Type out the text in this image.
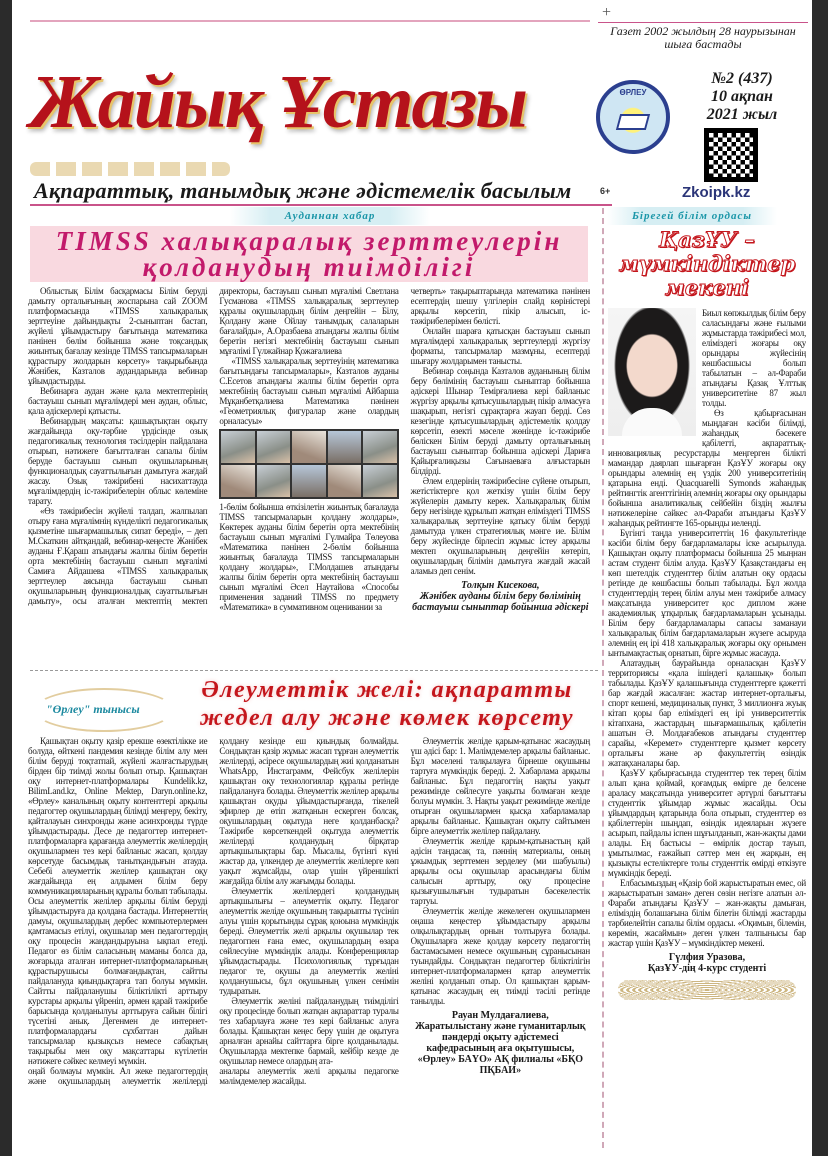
+
Жайық Ұстазы
Ақпараттық, танымдық және әдістемелік басылым
Газет 2002 жылдың 28 наурызынан шыға бастады
ӨРЛЕУ
№2 (437)
10 ақпан
2021 жыл
6+	Zkoipk.kz
Ауданнан хабар	Бірегей білім ордасы
TIMSS халықаралық зерттеулерін қолданудың тиімділігі

Облыстық Білім басқармасы Білім беруді дамыту орталығының жоспарына сай ZOOM платформасында «TIMSS халықаралық зерттеуіне дайындықты 2-сыныптан бастап, жүйелі ұйымдастыру бағытында математика пәнінен бөлім бойынша және тоқсандық жиынтық бағалау кезінде TIMSS тапсырмаларын құрастыру жолдарын көрсету» тақырыбында Жәнібек, Казталов аудандарында вебинар ұйымдастырды.

Вебинарға аудан және қала мектептерінің бастауыш сынып мұғалімдері мен аудан, облыс, қала әдіскерлері қатысты.

Вебинардың мақсаты: қашықтықтан оқыту жағдайында оқу-тәрбие үрдісінде озық педагогикалық технология тәсілдерін пайдалана отырып, нәтижеге бағытталған сапалы білім беруде бастауыш сынып оқушыларының функционалдық сауаттылығын дамытуға жағдай жасау. Озық тәжірибені насихаттауда мұғалімдердің іс-тәжірибелерін облыс көлеміне тарату.

«Өз тәжірибесін жүйелі талдап, жалпылап отыру ғана мұғалімнің күнделікті педагогикалық қызметіне шығармашылық сипат береді», – деп М.Скаткин айтқандай, вебинар-кеңесте Жәнібек ауданы Ғ.Қараш атындағы жалпы білім беретін орта мектебінің бастауыш сынып мұғалімі Самиға Айдашева «TIMSS халықаралық зерттеулер аясында бастауыш сынып оқушыларының функционалдық сауаттылығын дамыту», осы аталған мектептің мектеп директоры, бастауыш сынып мұғалімі Светлана Гусманова «TIMSS халықаралық зерттеулер құралы оқушылардың білім деңгейін – Білу, Қолдану және Ойлау танымдық салаларын бағалайды», А.Оразбаева атындағы жалпы білім беретін негізгі мектебінің бастауыш сынып мұғалімі Гүлжайнар Қожағалиева

«TIMSS халықаралық зерттеуінің математика бағытындағы тапсырмалары», Казталов ауданы С.Есетов атындағы жалпы білім беретін орта мектебінің бастауыш сынып мұғалімі Айбарша Мұқанбетқалиева Математика пәнінен «Геометриялық фигуралар және олардың орналасуы»

1-бөлім бойынша өткізілетін жиынтық бағалауда TIMSS тапсырмаларын қолдану жолдары», Көктерек ауданы білім беретін орта мектебінің бастауыш сынып мұғалімі Гүлмайра Төлеуова «Математика пәнінен 2-бөлім бойынша жиынтық бағалауда TIMSS тапсырмаларын қолдану жолдары», Г.Молдашев атындағы жалпы білім беретін орта мектебінің бастауыш сынып мұғалімі Әсел Наутайова «Способы применения заданий TIMSS по предмету «Математика» в суммативном оценивании за

четверть» тақырыптарында математика пәнінен есептердің шешу үлгілерін слайд көріністері арқылы көрсетіп, пікір алысып, іс-тәжірибелерімен бөлісті.

Онлайн шараға қатысқан бастауыш сынып мұғалімдері халықаралық зерттеулерді жүргізу форматы, тапсырмалар мазмұны, есептерді шығару жолдарымен танысты.

Вебинар соңында Казталов ауданының білім беру бөлімінің бастауыш сыныптар бойынша әдіскері Шынар Темірғалиева кері байланыс жүргізу арқылы қатысушылардың пікір алмасуға шақырып, негізгі сұрақтарға жауап берді. Сөз кезегінде қатысушылардың әдістемелік қолдау көрсетіп, өзекті мәселе жөнінде іс-тәжірибе бөліскен Білім беруді дамыту орталығының бастауыш сыныптар бойынша әдіскері Дариға Қайырғалиқызы Сағынаеваға алғыстарын білдірді.

Әлем елдерінің тәжірибесіне сүйене отырып, жетістіктерге қол жеткізу үшін білім беру жүйелерін дамыту керек. Халықаралық білім беру негізінде құрылып жатқан еліміздегі TIMSS халықаралық зерттеуіне қатысу білім беруді дамытуда үлкен стратегиялық мәнге ие. Білім беру жүйесінде бірлесіп жұмыс істеу арқылы мектеп оқушыларының деңгейін көтеріп, оқушылардың білімін дамытуға жағдай жасай аламыз деп сенім.

Толқын Кисекова,
Жәнібек ауданы білім беру бөлімінің бастауыш сыныптар бойынша әдіскері
"Өрлеу" тынысы
Әлеуметтік желі: ақпаратты жедел алу және көмек көрсету

Қашықтан оқыту қазір ерекше өзектілікке ие болуда, өйткені пандемия кезінде білім алу мен білім беруді тоқтатпай, жүйелі жалғастырудың бірден бір тиімді жолы болып отыр. Қашықтан оқу интернет-платформалары Kundelik.kz, BilimLand.kz, Online Mektep, Daryn.online.kz, «Өрлеу» каналының оқыту контенттері арқылы педагогтер оқушылардың білімді меңгеру, бекіту, қайталауын синхронды және асинхронды түрде ұйымдастырады. Десе де педагогтер интернет-платформаларға қарағанда әлеуметтік желілердің оқушылармен тез кері байланыс жасап, қолдау көрсетуде басымдық танытқандығын атауда. Себебі әлеуметтік желілер қашықтан оқу жағдайында ең алдымен білім беру коммуникацияларының құралы болып табылады. Осы әлеуметтік желілер арқылы білім беруді ұйымдастыруға да қолдана бастады. Интернеттің дамуы, оқушылардың дербес компьютерлермен қамтамасыз етілуі, оқушылар мен педагогтердің оқу процесін жандандыруына ықпал етеді. Педагог өз білім саласының маманы болса да, жоғарыда аталған интернет-платформаларының құрастырушысы болмағандықтан, сайтты пайдалануда қиындықтарға тап болуы мүмкін. Сайтты пайдаланушы біліктілікті арттыру курстары арқылы үйреніп, әрмен қарай тәжірибе барысында қолданылуы арттыруға сайын білігі түсетіні анық. Дегенмен де интернет-платформалардағы сұхбаттан дайын тапсырмалар қызықсыз немесе сабақтың тақырыбы мен оқу мақсаттары күтілетін нәтижеге сәйкес келмеуі мүмкін.

оңай болмауы мүмкін. Ал жеке педагогтердің және оқушылардың әлеуметтік желілерді қолдану кезінде еш қиындық болмайды. Сондықтан қазір жұмыс жасап тұрған әлеуметтік желілерді, әсіресе оқушылардың жиі қолданатын WhatsApp, Инстаграмм, Фейсбук желілерін қашықтан оқу технологиялар құралы ретінде пайдалануға болады. Әлеуметтік желілер арқылы қашықтан оқуды ұйымдастырғанда, тікелей эфирлер де өтіп жатқанын ескерген болсақ, оқушылардың оқытуда неге қолданбасқа? Тәжірибе көрсеткендей оқытуда әлеуметтік желілерді қолданудың бірқатар артықшылықтары бар. Мысалы, бүгінгі күні жастар да, үлкендер де әлеуметтік желілерге көп уақыт жұмсайды, олар үшін үйреншікті жағдайда білім алу жағымды болады.

Әлеуметтік желілердегі қолданудың артықшылығы – әлеуметтік оқыту. Педагог әлеуметтік желіде оқушының тақырыпты түсініп алуы үшін қорытынды сұрақ қоюына мүмкіндік береді. Әлеуметтік желі арқылы оқушылар тек педагогпен ғана емес, оқушылардың өзара сөйлесуіне мүмкіндік алады. Конференциялар ұйымдастырады. Психологиялық тұрғыдан педагог те, оқушы да әлеуметтік желіні қолданушысы, бұл оқушының үлкен сенімін тудыратын.

Әлеуметтік желіні пайдаланудың тиімділігі оқу процесінде болып жатқан ақпараттар туралы тез хабарлауға және тез кері байланыс алуға болады. Қашықтан кеңес беру үшін де оқытуға арналған арнайы сайттарға бірге қолданылады. Оқушыларда мектепке бармай, кейбір кезде де оқушылар немесе олардың ата-

аналары әлеуметтік желі арқылы педагогке мәлімдемелер жасайды.

Әлеуметтік желіде қарым-қатынас жасаудың үш әдісі бар: 1. Мәлімдемелер арқылы байланыс. Бұл мәселені талқылауға бірнеше оқушыны тартуға мүмкіндік береді. 2. Хабарлама арқылы байланыс. Бұл педагогтің нақты уақыт режимінде сөйлесуге уақыты болмаған кезде болуы мүмкін. 3. Нақты уақыт режимінде желіде отырған оқушылармен қысқа хабарламалар арқылы байланыс. Қашықтан оқыту сайтымен бірге әлеуметтік желілер пайдалану.

Әлеуметтік желіде қарым-қатынастың қай әдісін таңдасақ та, пәннің материалы, оның ұжымдық зерттемен зерделеу (ми шабуылы) арқылы осы оқушылар арасындағы білім салысын арттыру, оқу процесіне қызығушылығын тудыратын бәсекелестік тартуы.

Әлеуметтік желіде жекелеген оқушылармен оңаша кеңестер ұйымдастыру арқылы олқылықтардың орнын толтыруға болады. Оқушыларға жеке қолдау көрсету педагогтің бастамасымен немесе оқушының сұранысынан туындайды. Сондықтан педагогтер біліктілігін интернет-платформалармен қатар әлеуметтік желіні қолданып отыр. Ол қашықтан қарым-қатынас жасаудың ең тиімді тәсілі ретінде танылды.

Рауан Мулдағалиева,
Жаратылыстану және гуманитарлық пәндерді оқыту әдістемесі кафедрасының аға оқытушысы,
«Өрлеу» БАҮО» АҚ филиалы «БҚО ПҚБАИ»
ҚазҰУ – мүмкіндіктер мекені

Биыл көпжылдық білім беру саласындағы және ғылыми жұмыстарда тәжірибесі мол, еліміздегі жоғары оқу орындары жүйесінің көшбасшысы болып табылатын – әл-Фараби атындағы Қазақ Ұлттық университетіне 87 жыл толды.

Өз қабырғасынан мыңдаған кәсіби білімді, жаһандық бәсекеге қабілетті, ақпараттық-инновациялық ресурстарды меңгерген білікті мамандар даярлап шығарған ҚазҰУ жоғары оқу орындары әлемнің ең үздік 200 университетінің қатарына енді. Quacquarelli Symonds жаһандық рейтингтік агенттігінің әлемнің жоғары оқу орындары бойынша аналитикалық сейбейін біздің жылғы нәтижелеріне сәйкес әл-Фараби атындағы ҚазҰУ жаһандық рейтингте 165-орынды иеленді.

Бүгінгі таңда университеттің 16 факультетінде кәсіби білім беру бағдарламалары іске асырылуда. Қашықтан оқыту платформасы бойынша 25 мыңнан астам студент білім алуда. ҚазҰУ Қазақстандағы ең көп шетелдік студенттер білім алатын оқу ордасы ретінде де көшбасшы болып табылады. Бұл жолда студенттердің терең білім алуы мен тәжірибе алмасу мақсатында университет қос диплом және академиялық ұтқырлық бағдарламаларын ұсынады. Білім беру бағдарламалары сапасы заманауи халықаралық білім бағдарламаларын жүзеге асыруда әлемнің ең ірі 418 халықаралық жоғары оқу орнымен ынтымақтастық орнатып, бірге жұмыс жасауда.

Алатаудың баурайында орналасқан ҚазҰУ территориясы «қала ішіндегі қалашық» болып табылады. ҚазҰУ қалашығында студенттерге қажетті бар жағдай жасалған: жастар интернет-орталығы, спорт кешені, медициналық пункт, 3 миллионға жуық кітап қоры бар еліміздегі ең ірі университеттік кітапхана, жастардың шығармашылық қабілетін ашатын Ә. Молдағабеков атындағы студенттер сарайы, «Керемет» студенттерге қызмет көрсету орталығы және әр факультеттің өзіндік жатақханалары бар.

ҚазҰУ қабырғасында студенттер тек терең білім алып қана қоймай, қоғамдық өмірге де белсене араласу мақсатында университет әртүрлі бағыттағы студенттік ұйымдар жұмыс жасайды. Осы ұйымдардың қатарында бола отырып, студенттер өз қабілеттерін шыңдап, өзіндік идеяларын жүзеге асырып, пайдалы іспен шұғылданып, жан-жақты дами алады. Ең бастысы – өмірлік достар тауып, ұмытылмас, ғажайып сәттер мен ең жарқын, ең қызықты естеліктерге толы студенттік өмірді өткізуге мүмкіндік береді.

Елбасымыздың «Қазір бой жарыстыратын емес, ой жарыстыратын заман» деген сөзін негізге алатын әл-Фараби атындағы ҚазҰУ – жан-жақты дамыған, еліміздің болашағына білім білетін білімді жастарды тәрбиелейтін сапалы білім ордасы. «Оқимын, білемін, көремін, жасаймын» деген үлкен талпынысы бар жастар үшін ҚазҰУ – мүмкіндіктер мекені.

Гүлфия Уразова,
ҚазҰУ-дің 4-курс студенті
